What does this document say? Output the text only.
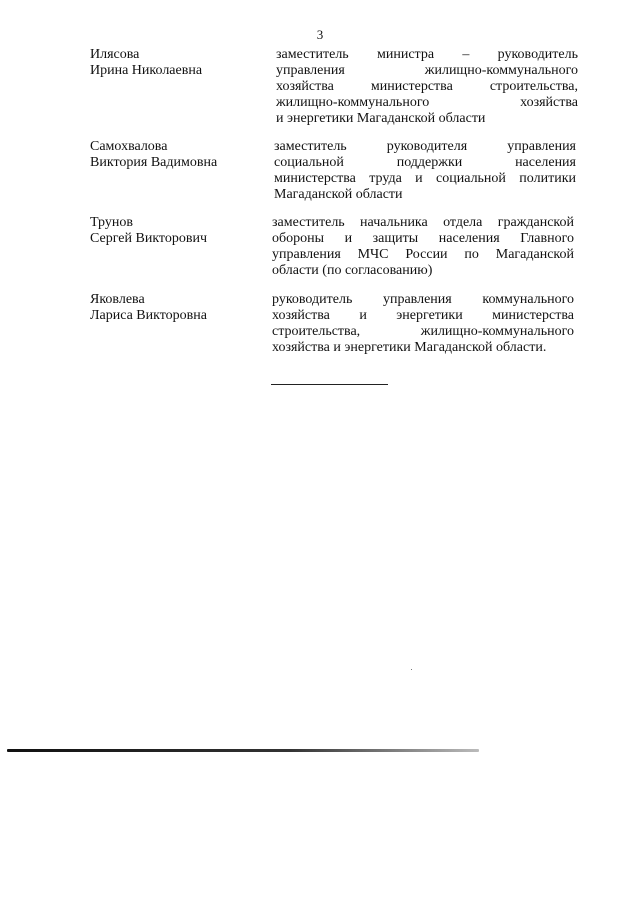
3
Илясова
Ирина Николаевна
заместитель министра – руководитель
управления жилищно-коммунального
хозяйства министерства строительства,
жилищно-коммунального хозяйства
и энергетики Магаданской области
Самохвалова
Виктория Вадимовна
заместитель руководителя управления
социальной поддержки населения
министерства труда и социальной политики
Магаданской области
Трунов
Сергей Викторович
заместитель начальника отдела гражданской
обороны и защиты населения Главного
управления МЧС России по Магаданской
области (по согласованию)
Яковлева
Лариса Викторовна
руководитель управления коммунального
хозяйства и энергетики министерства
строительства, жилищно-коммунального
хозяйства и энергетики Магаданской области.
